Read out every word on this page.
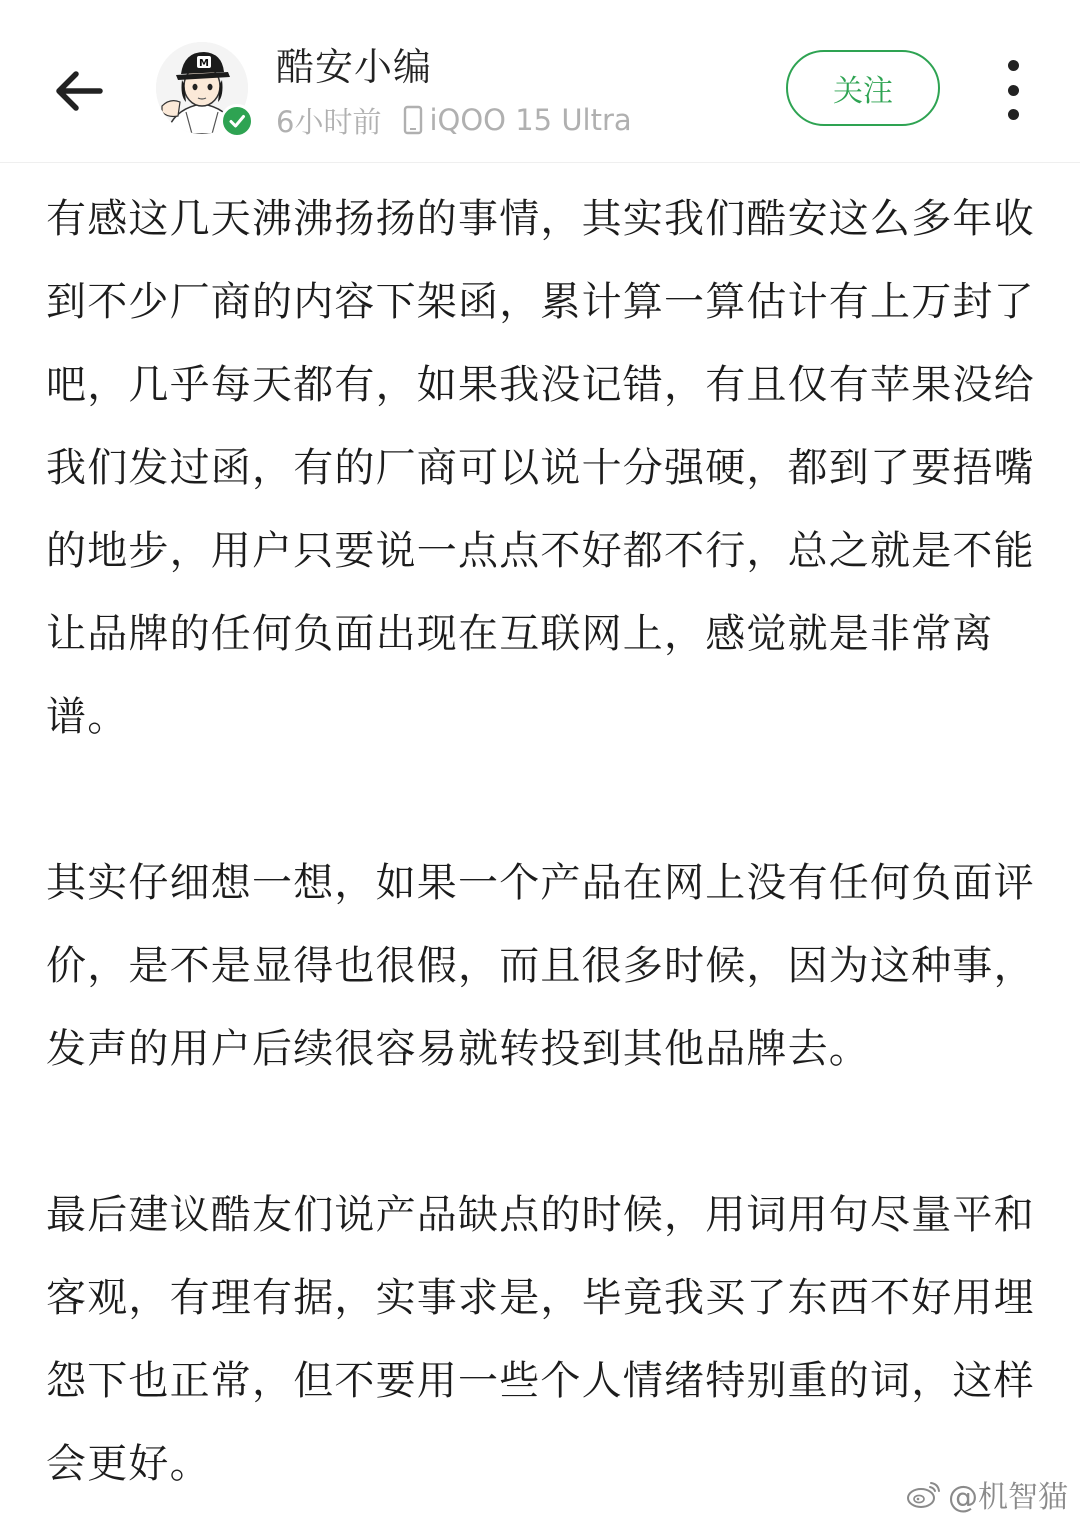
M 酷安小编
6小时前 iQOO 15 Ultra
关注

有感这几天沸沸扬扬的事情，其实我们酷安这么多年收到不少厂商的内容下架函，累计算一算估计有上万封了吧，几乎每天都有，如果我没记错，有且仅有苹果没给我们发过函，有的厂商可以说十分强硬，都到了要捂嘴的地步，用户只要说一点点不好都不行，总之就是不能让品牌的任何负面出现在互联网上，感觉就是非常离谱。

其实仔细想一想，如果一个产品在网上没有任何负面评价，是不是显得也很假，而且很多时候，因为这种事，发声的用户后续很容易就转投到其他品牌去。

最后建议酷友们说产品缺点的时候，用词用句尽量平和客观，有理有据，实事求是，毕竟我买了东西不好用埋怨下也正常，但不要用一些个人情绪特别重的词，这样会更好。

@机智猫
